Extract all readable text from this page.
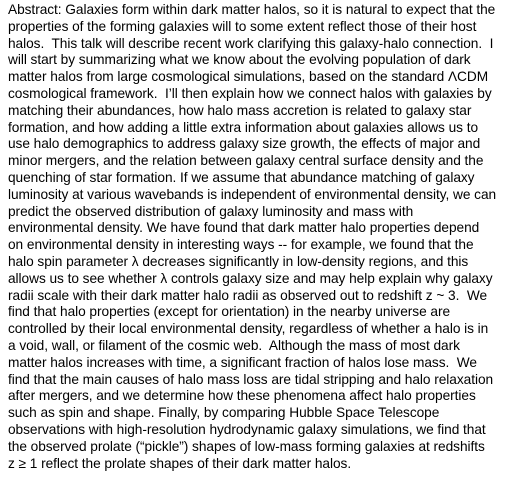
Abstract: Galaxies form within dark matter halos, so it is natural to expect that the
properties of the forming galaxies will to some extent reflect those of their host
halos.  This talk will describe recent work clarifying this galaxy-halo connection.  I
will start by summarizing what we know about the evolving population of dark
matter halos from large cosmological simulations, based on the standard ΛCDM
cosmological framework.  I’ll then explain how we connect halos with galaxies by
matching their abundances, how halo mass accretion is related to galaxy star
formation, and how adding a little extra information about galaxies allows us to
use halo demographics to address galaxy size growth, the effects of major and
minor mergers, and the relation between galaxy central surface density and the
quenching of star formation. If we assume that abundance matching of galaxy
luminosity at various wavebands is independent of environmental density, we can
predict the observed distribution of galaxy luminosity and mass with
environmental density. We have found that dark matter halo properties depend
on environmental density in interesting ways -- for example, we found that the
halo spin parameter λ decreases significantly in low-density regions, and this
allows us to see whether λ controls galaxy size and may help explain why galaxy
radii scale with their dark matter halo radii as observed out to redshift z ~ 3.  We
find that halo properties (except for orientation) in the nearby universe are
controlled by their local environmental density, regardless of whether a halo is in
a void, wall, or filament of the cosmic web.  Although the mass of most dark
matter halos increases with time, a significant fraction of halos lose mass.  We
find that the main causes of halo mass loss are tidal stripping and halo relaxation
after mergers, and we determine how these phenomena affect halo properties
such as spin and shape. Finally, by comparing Hubble Space Telescope
observations with high-resolution hydrodynamic galaxy simulations, we find that
the observed prolate (“pickle”) shapes of low-mass forming galaxies at redshifts
z ≥ 1 reflect the prolate shapes of their dark matter halos.
